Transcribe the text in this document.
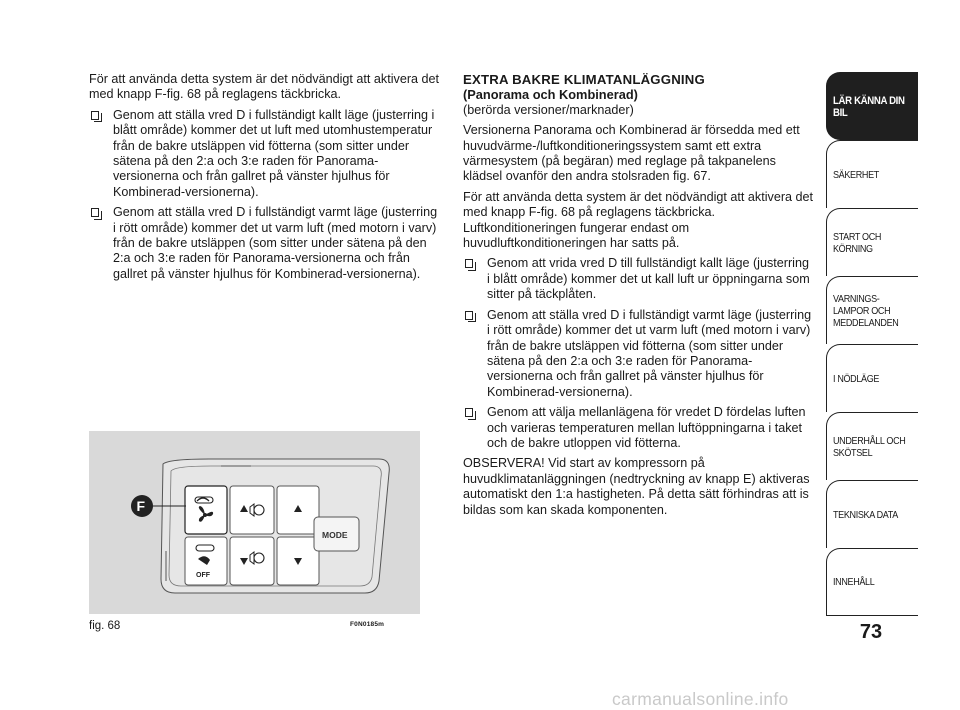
För att använda detta system är det nödvändigt att aktivera det med knapp F-fig. 68 på reglagens täckbricka.

Genom att ställa vred D i fullständigt kallt läge (justerring i blått område) kommer det ut luft med utomhustemperatur från de bakre utsläppen vid fötterna (som sitter under sätena på den 2:a och 3:e raden för Panorama-versionerna och från gallret på vänster hjulhus för Kombinerad-versionerna).
Genom att ställa vred D i fullständigt varmt läge (justerring i rött område) kommer det ut varm luft (med motorn i varv) från de bakre utsläppen (som sitter under sätena på den 2:a och 3:e raden för Panorama-versionerna och från gallret på vänster hjulhus för Kombinerad-versionerna).
EXTRA BAKRE KLIMATANLÄGGNING
(Panorama och Kombinerad)

(berörda versioner/marknader)

Versionerna Panorama och Kombinerad är försedda med ett huvudvärme-/luftkonditioneringssystem samt ett extra värmesystem (på begäran) med reglage på takpanelens klädsel ovanför den andra stolsraden fig. 67.

För att använda detta system är det nödvändigt att aktivera det med knapp F-fig. 68 på reglagens täckbricka. Luftkonditioneringen fungerar endast om huvudluftkonditioneringen har satts på.

Genom att vrida vred D till fullständigt kallt läge (justerring i blått område) kommer det ut kall luft ur öppningarna som sitter på täckplåten.
Genom att ställa vred D i fullständigt varmt läge (justerring i rött område) kommer det ut varm luft (med motorn i varv) från de bakre utsläppen vid fötterna (som sitter under sätena på den 2:a och 3:e raden för Panorama-versionerna och från gallret på vänster hjulhus för Kombinerad-versionerna).
Genom att välja mellanlägena för vredet D fördelas luften och varieras temperaturen mellan luftöppningarna i taket och de bakre utloppen vid fötterna.

OBSERVERA! Vid start av kompressorn på huvudklimatanläggningen (nedtryckning av knapp E) aktiveras automatiskt den 1:a hastigheten. På detta sätt förhindras att is bildas som kan skada komponenten.

OFF
MODE
F
fig. 68	F0N0185m
LÄR KÄNNA DIN BIL
SÄKERHET
START OCH KÖRNING
VARNINGS- LAMPOR OCH MEDDELANDEN
I NÖDLÄGE
UNDERHÅLL OCH SKÖTSEL
TEKNISKA DATA
INNEHÅLL
73
carmanualsonline.info
